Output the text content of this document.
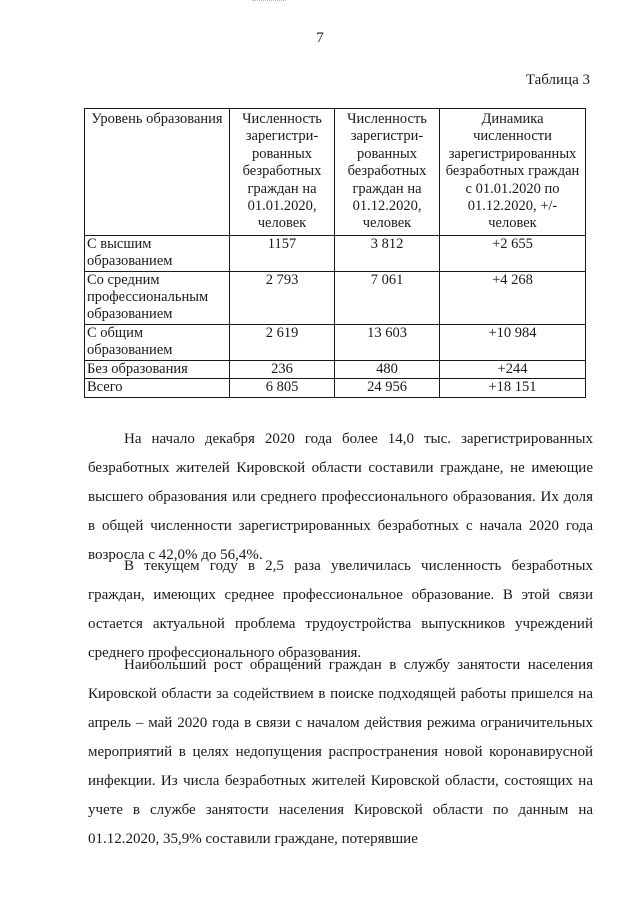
7
Таблица 3
Уровень образования	Численность зарегистри-рованных безработных граждан на 01.01.2020, человек	Численность зарегистри-рованных безработных граждан на 01.12.2020, человек	Динамика численности зарегистрированных безработных граждан с 01.01.2020 по 01.12.2020, +/- человек
С высшим образованием	1157	3 812	+2 655
Со средним профессиональным образованием	2 793	7 061	+4 268
С общим образованием	2 619	13 603	+10 984
Без образования	236	480	+244
Всего	6 805	24 956	+18 151

На начало декабря 2020 года более 14,0 тыс. зарегистрированных безработных жителей Кировской области составили граждане, не имеющие высшего образования или среднего профессионального образования. Их доля в общей численности зарегистрированных безработных с начала 2020 года возросла с 42,0% до 56,4%.

В текущем году в 2,5 раза увеличилась численность безработных граждан, имеющих среднее профессиональное образование. В этой связи остается актуальной проблема трудоустройства выпускников учреждений среднего профессионального образования.

Наибольший рост обращений граждан в службу занятости населения Кировской области за содействием в поиске подходящей работы пришелся на апрель – май 2020 года в связи с началом действия режима ограничительных мероприятий в целях недопущения распространения новой коронавирусной инфекции. Из числа безработных жителей Кировской области, состоящих на учете в службе занятости населения Кировской области по данным на 01.12.2020, 35,9% составили граждане, потерявшие
